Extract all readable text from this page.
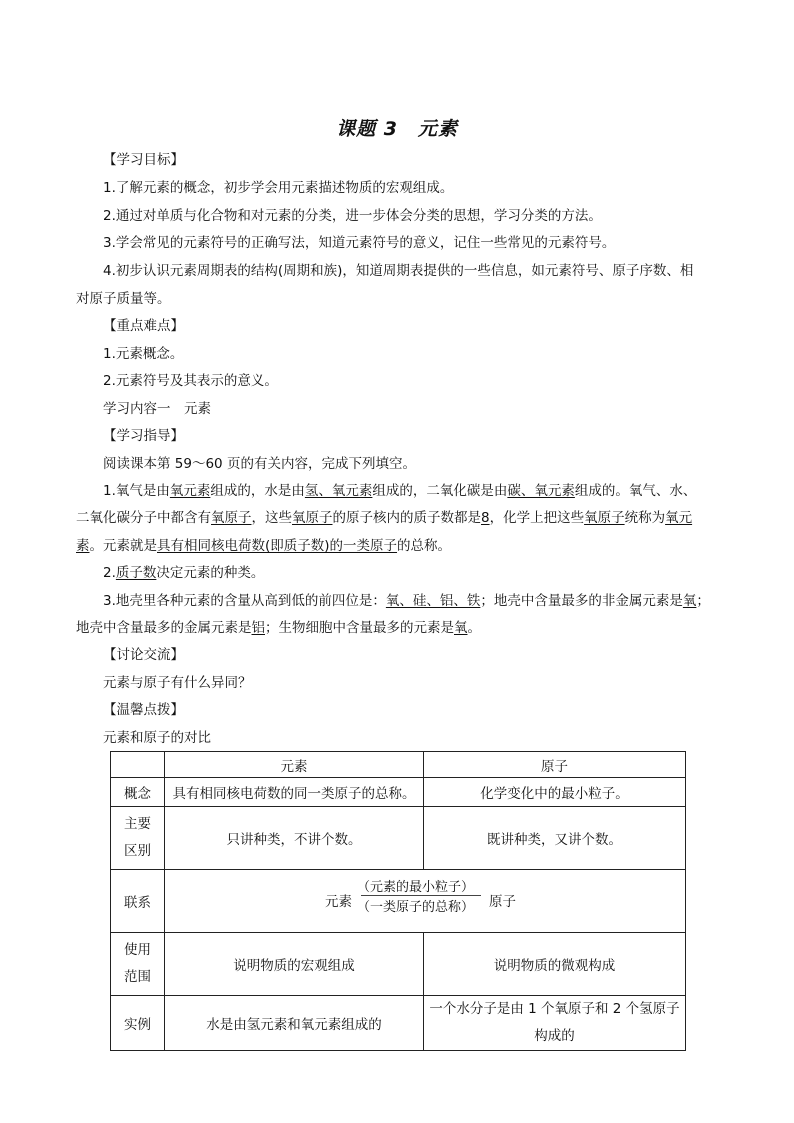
课题 3　元素
【学习目标】
1.了解元素的概念，初步学会用元素描述物质的宏观组成。
2.通过对单质与化合物和对元素的分类，进一步体会分类的思想，学习分类的方法。
3.学会常见的元素符号的正确写法，知道元素符号的意义，记住一些常见的元素符号。
4.初步认识元素周期表的结构(周期和族)，知道周期表提供的一些信息，如元素符号、原子序数、相
对原子质量等。
【重点难点】
1.元素概念。
2.元素符号及其表示的意义。
学习内容一　元素
【学习指导】
阅读课本第 59～60 页的有关内容，完成下列填空。
1.氧气是由氧元素组成的，水是由氢、氧元素组成的，二氧化碳是由碳、氧元素组成的。氧气、水、
二氧化碳分子中都含有氧原子，这些氧原子的原子核内的质子数都是8，化学上把这些氧原子统称为氧元
素。元素就是具有相同核电荷数(即质子数)的一类原子的总称。
2.质子数决定元素的种类。
3.地壳里各种元素的含量从高到低的前四位是：氧、硅、铝、铁；地壳中含量最多的非金属元素是氧；
地壳中含量最多的金属元素是铝；生物细胞中含量最多的元素是氧。
【讨论交流】
元素与原子有什么异同？
【温馨点拨】
元素和原子的对比
	元素	原子
概念	具有相同核电荷数的同一类原子的总称。	化学变化中的最小粒子。

主要
区别	只讲种类，不讲个数。	既讲种类，又讲个数。
联系	元素
（元素的最小粒子）
（一类原子的总称） 原子	

使用
范围	说明物质的宏观组成	说明物质的微观构成
实例	水是由氢元素和氧元素组成的	一个水分子是由 1 个氧原子和 2 个氢原子
构成的
